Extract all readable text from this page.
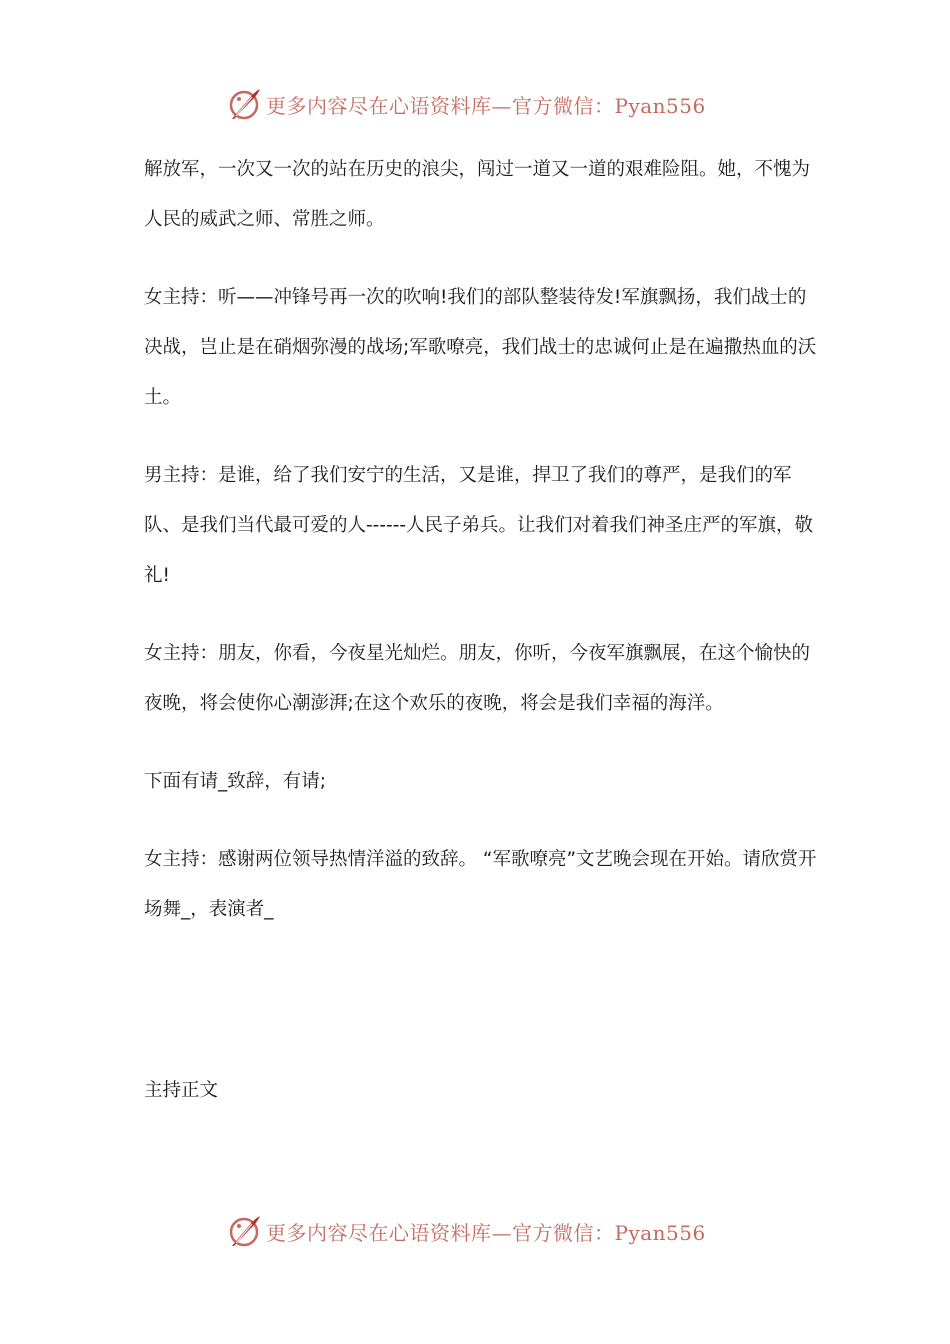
更多内容尽在心语资料库—官方微信：Pyan556

解放军，一次又一次的站在历史的浪尖，闯过一道又一道的艰难险阻。她，不愧为人民的威武之师、常胜之师。

女主持：听——冲锋号再一次的吹响!我们的部队整装待发!军旗飘扬，我们战士的决战，岂止是在硝烟弥漫的战场;军歌嘹亮，我们战士的忠诚何止是在遍撒热血的沃土。

男主持：是谁，给了我们安宁的生活，又是谁，捍卫了我们的尊严，是我们的军队、是我们当代最可爱的人------人民子弟兵。让我们对着我们神圣庄严的军旗，敬礼!

女主持：朋友，你看，今夜星光灿烂。朋友，你听，今夜军旗飘展，在这个愉快的夜晚，将会使你心潮澎湃;在这个欢乐的夜晚，将会是我们幸福的海洋。

下面有请_致辞，有请;

女主持：感谢两位领导热情洋溢的致辞。 “军歌嘹亮”文艺晚会现在开始。请欣赏开场舞_，表演者_

主持正文

更多内容尽在心语资料库—官方微信：Pyan556
